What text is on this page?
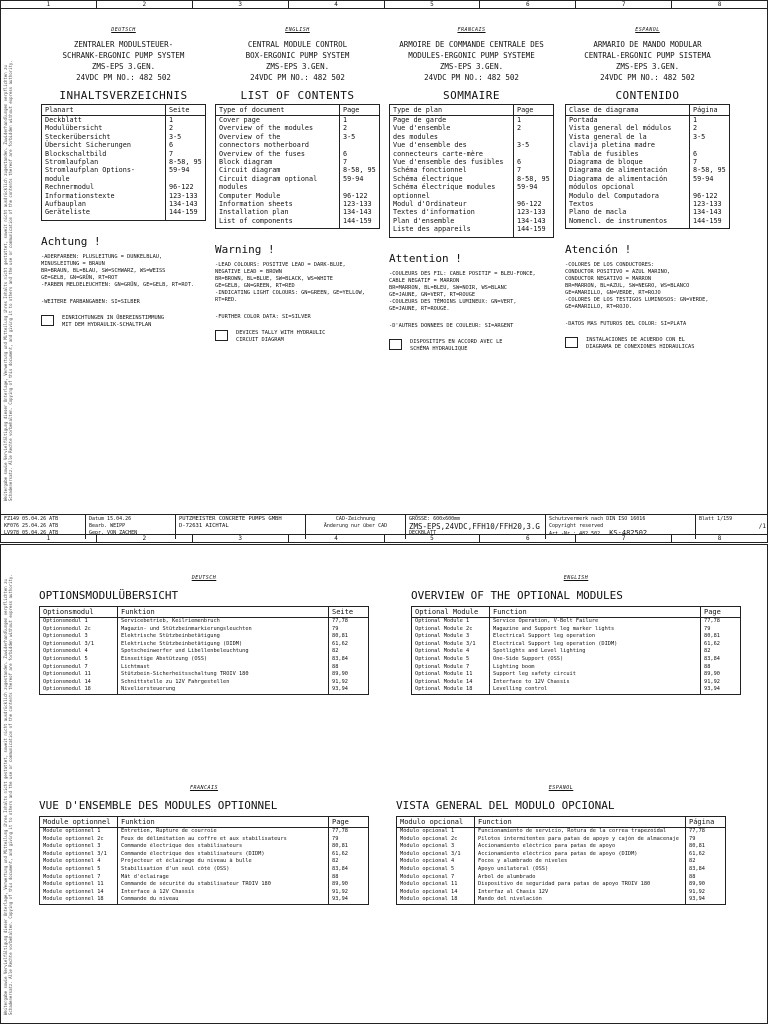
1	2	3	4	5	6	7	8
Weitergabe sowie Vervielfältigung dieser Unterlage, Verwertung und Mitteilung ihres Inhalts nicht gestattet, soweit nicht ausdrücklich zugestanden. Zuwiderhandlungen verpflichten zu Schadenersatz. Alle Rechte vorbehalten. Copying of this document, and giving it to others and the use or communication of the contents thereof are forbidden without express authority.
DEUTSCH
ZENTRALER MODULSTEUER-
SCHRANK-ERGONIC PUMP SYSTEM
ZMS-EPS 3.GEN.
24VDC PM NO.: 482 502
INHALTSVERZEICHNIS
Planart	Seite
Deckblatt	1
Modulübersicht	2

Steckerübersicht	3-5

Übersicht Sicherungen	6
Blockschaltbild	7
Stromlaufplan	8-58, 95
Stromlaufplan Options-	59-94
module	
Rechnermodul	96-122
Informationstexte	123-133
Aufbauplan	134-143
Geräteliste	144-159
Achtung !
-ADERFARBEN: PLUSLEITUNG = DUNKELBLAU,
MINUSLEITUNG = BRAUN
BR=BRAUN, BL=BLAU, SW=SCHWARZ, WS=WEISS
GE=GELB, GN=GRÜN, RT=ROT
-FARBEN MELDELEUCHTEN: GN=GRÜN, GE=GELB, RT=ROT.
-WEITERE FARBANGABEN: SI=SILBER
EINRICHTUNGEN IN ÜBEREINSTIMMUNG
MIT DEM HYDRAULIK-SCHALTPLAN
ENGLISH
CENTRAL MODULE CONTROL
BOX-ERGONIC PUMP SYSTEM
ZMS-EPS 3.GEN.
24VDC PM NO.: 482 502
LIST OF CONTENTS
Type of document	Page
Cover page	1
Overview of the modules	2

Overview of the	3-5
connectors motherboard	
Overview of the fuses	6
Block diagram	7
Circuit diagram	8-58, 95
Circuit diagram optional	59-94
modules	
Computer Module	96-122
Information sheets	123-133
Installation plan	134-143
List of components	144-159
Warning !
-LEAD COLOURS: POSITIVE LEAD = DARK-BLUE,
NEGATIVE LEAD = BROWN
BR=BROWN, BL=BLUE, SW=BLACK, WS=WHITE
GE=GELB, GN=GREEN, RT=RED
-INDICATING LIGHT COLOURS: GN=GREEN, GE=YELLOW,
RT=RED.
-FURTHER COLOR DATA: SI=SILVER
DEVICES TALLY WITH HYDRAULIC
CIRCUIT DIAGRAM
FRANCAIS
ARMOIRE DE COMMANDE CENTRALE DES
MODULES-ERGONIC PUMP SYSTEME
ZMS-EPS 3.GEN.
24VDC PM NO.: 482 502
SOMMAIRE
Type de plan	Page
Page de garde	1
Vue d'ensemble	2
des modules	
Vue d'ensemble des	3-5
connecteurs carte-mère	
Vue d'ensemble des fusibles	6
Schéma fonctionnel	7
Schéma électrique	8-58, 95
Schéma électrique modules	59-94
optionnel	
Modul d'Ordinateur	96-122
Textes d'information	123-133
Plan d'ensemble	134-143
Liste des appareils	144-159
Attention !
-COULEURS DES FIL: CABLE POSITIF = BLEU-FONCE,
CABLE NEGATIF = MARRON
BR=MARRON, BL=BLEU, SW=NOIR, WS=BLANC
GE=JAUNE, GN=VERT, RT=ROUGE
-COULEURS DES TÉMOINS LUMINEUX: GN=VERT,
GE=JAUNE, RT=ROUGE.
-D'AUTRES DONNEES DE COULEUR: SI=ARGENT
DISPOSITIFS EN ACCORD AVEC LE
SCHÉMA HYDRAULIQUE
ESPANOL
ARMARIO DE MANDO MODULAR
CENTRAL-ERGONIC PUMP SISTEMA
ZMS-EPS 3.GEN.
24VDC PM NO.: 482 502
CONTENIDO
Clase de diagrama	Página
Portada	1
Vista general del módulos	2

Vista general de la	3-5
clavija pletina madre	
Tabla de fusibles	6
Diagrama de bloque	7
Diagrama de alimentación	8-58, 95
Diagrama de alimentación	59-94
módulos opcional	
Modulo del Computadora	96-122
Textos	123-133
Plano de macla	134-143
Nomencl. de instrumentos	144-159
Atención !
-COLORES DE LOS CONDUCTORES:
CONDUCTOR POSITIVO = AZUL MARINO,
CONDUCTOR NEGATIVO = MARRON
BR=MARRON, BL=AZUL, SW=NEGRO, WS=BLANCO
GE=AMARILLO, GN=VERDE, RT=ROJO
-COLORES DE LOS TESTIGOS LUMINOSOS: GN=VERDE,
GE=AMARILLO, RT=ROJO.
-DATOS MAS FUTUROS DEL COLOR: SI=PLATA
INSTALACIONES DE ACUERDO CON EL
DIAGRAMA DE CONEXIONES HIDRAULICAS
FZ149 05.04.26 ATB
KF076 25.04.26 ATB
LV978 05.04.26 ATB
Datum 15.04.26
Bearb. WEIPP
Gepr. VON ZACHEN
PUTZMEISTER CONCRETE PUMPS GMBH
D-72631 AICHTAL
CAD-Zeichnung
Änderung nur über CAD
GRÖSSE: 600x600mm
ZMS-EPS,24VDC,FFH10/FFH20,3.G
DECKBLATT
Schutzvermerk nach DIN ISO 16016
Copyright reserved
Art.-Nr.: 482 502 KS-482502
Blatt 1/159
/1
1	2	3	4	5	6	7	8
Weitergabe sowie Vervielfältigung dieser Unterlage, Verwertung und Mitteilung ihres Inhalts nicht gestattet, soweit nicht ausdrücklich zugestanden. Zuwiderhandlungen verpflichten zu Schadenersatz. Alle Rechte vorbehalten. Copying of this document, and giving it to others and the use or communication of the contents thereof are forbidden without express authority.	DEUTSCH
OPTIONSMODULÜBERSICHT
Optionsmodul	Funktion	Seite
Optionsmodul 1	Servicebetrieb, Keilriemenbruch	77,78
Optionsmodul 2c	Magazin- und Stützbeinmarkierungsleuchten	79
Optionsmodul 3	Elektrische Stützbeinbetätigung	80,81
Optionsmodul 3/1	Elektrische Stützbeinbetätigung (DIDM)	61,62
Optionsmodul 4	Spotscheinwerfer und Libellenbeleuchtung	82
Optionsmodul 5	Einseitige Abstützung (OSS)	83,84
Optionsmodul 7	Lichtmast	88
Optionsmodul 11	Stützbein-Sicherheitsschaltung TROIV 180	89,90
Optionsmodul 14	Schnittstelle zu 12V Fahrgestellen	91,92
Optionsmodul 18	Niveliersteuerung	93,94
ENGLISH
OVERVIEW OF THE OPTIONAL MODULES
Optional Module	Function	Page
Optional Module 1	Service Operation, V-Belt Failure	77,78
Optional Module 2c	Magazine and Support leg marker lights	79
Optional Module 3	Electrical Support leg operation	80,81
Optional Module 3/1	Electrical Support leg operation (DIDM)	61,62
Optional Module 4	Spotlights and Level lighting	82
Optional Module 5	One-Side Support (OSS)	83,84
Optional Module 7	Lighting boom	88
Optional Module 11	Support leg safety circuit	89,90
Optional Module 14	Interface to 12V Chassis	91,92
Optional Module 18	Levelling control	93,94
FRANCAIS
VUE D'ENSEMBLE DES MODULES OPTIONNEL
Module optionnel	Funktion	Page
Module optionnel 1	Entretien, Rupture de courroie	77,78
Module optionnel 2c	Feux de délimitation au coffre et aux stabilisateurs	79
Module optionnel 3	Commande électrique des stabilisateurs	80,81
Module optionnel 3/1	Commande électrique des stabilisateurs (DIDM)	61,62
Module optionnel 4	Projecteur et éclairage du niveau à bulle	82
Module optionnel 5	Stabilisation d'un seul côté (OSS)	83,84
Module optionnel 7	Mât d'éclairage	88
Module optionnel 11	Commande de sécurité du stabilisateur TROIV 180	89,90
Module optionnel 14	Interface à 12V Chassis	91,92
Module optionnel 18	Commande du niveau	93,94
ESPANOL
VISTA GENERAL DEL MODULO OPCIONAL
Modulo opcional	Function	Página
Módulo opcional 1	Funcionamiento de servicio, Rotura de la correa trapezoidal	77,78
Módulo opcional 2c	Pilotos intermitentes para patas de apoyo y cajón de almacenaje	79
Módulo opcional 3	Accionamiento eléctrico para patas de apoyo	80,81
Módulo opcional 3/1	Accionamiento eléctrico para patas de apoyo (DIDM)	61,62
Módulo opcional 4	Focos y alumbrado de niveles	82
Módulo opcional 5	Apoyo unilateral (OSS)	83,84
Módulo opcional 7	Árbol de alumbrado	88
Módulo opcional 11	Dispositivo de seguridad para patas de apoyo TROIV 180	89,90
Módulo opcional 14	Interfaz al Chasis 12V	91,92
Módulo opcional 18	Mando del nivelación	93,94
